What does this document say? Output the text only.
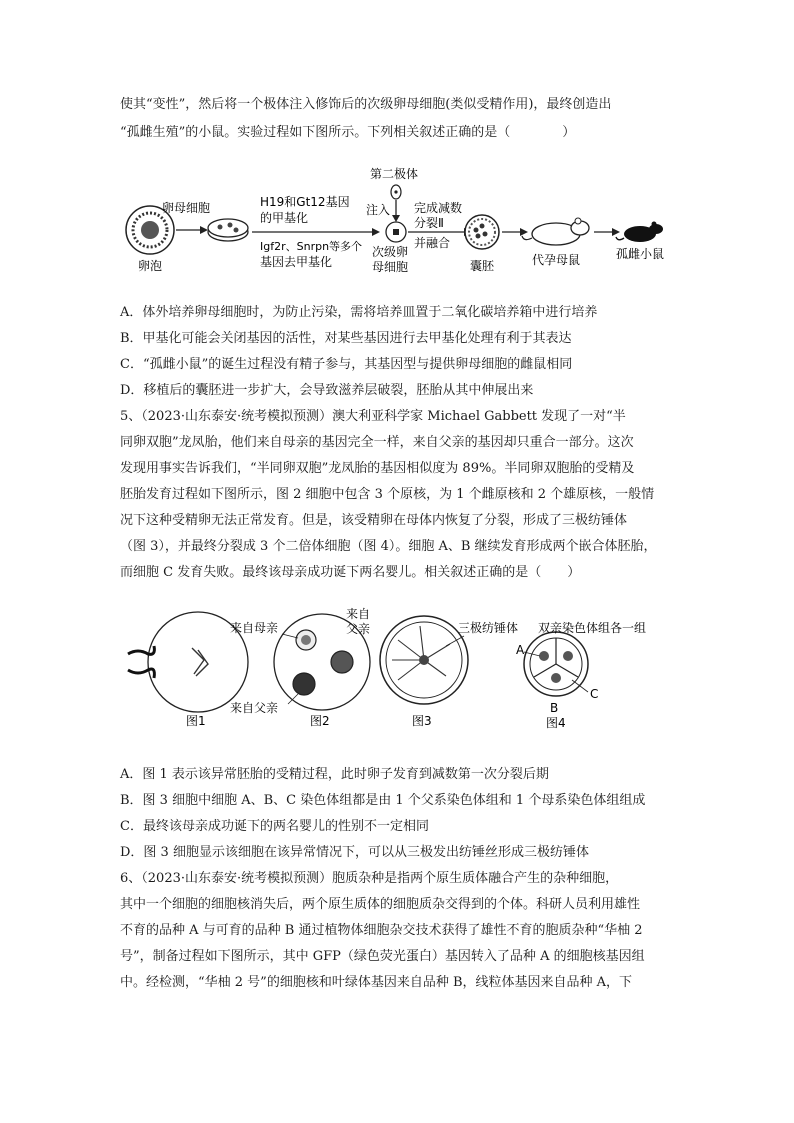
使其“变性”，然后将一个极体注入修饰后的次级卵母细胞(类似受精作用)，最终创造出
“孤雌生殖”的小鼠。实验过程如下图所示。下列相关叙述正确的是（　　　　）
卵泡
卵母细胞	H19和Gt12基因
的甲基化
Igf2r、Snrpn等多个
基因去甲基化
第二极体
注入
次级卵
母细胞
完成减数
分裂Ⅱ
并融合
囊胚	代孕母鼠	孤雌小鼠
A．体外培养卵母细胞时，为防止污染，需将培养皿置于二氧化碳培养箱中进行培养
B．甲基化可能会关闭基因的活性，对某些基因进行去甲基化处理有利于其表达
C．“孤雌小鼠”的诞生过程没有精子参与，其基因型与提供卵母细胞的雌鼠相同
D．移植后的囊胚进一步扩大，会导致滋养层破裂，胚胎从其中伸展出来
5、（2023·山东泰安·统考模拟预测）澳大利亚科学家 Michael Gabbett 发现了一对“半
同卵双胞”龙凤胎，他们来自母亲的基因完全一样，来自父亲的基因却只重合一部分。这次
发现用事实告诉我们，“半同卵双胞”龙凤胎的基因相似度为 89%。半同卵双胞胎的受精及
胚胎发育过程如下图所示，图 2 细胞中包含 3 个原核，为 1 个雌原核和 2 个雄原核，一般情
况下这种受精卵无法正常发育。但是，该受精卵在母体内恢复了分裂，形成了三极纺锤体
（图 3），并最终分裂成 3 个二倍体细胞（图 4）。细胞 A、B 继续发育形成两个嵌合体胚胎，
而细胞 C 发育失败。最终该母亲成功诞下两名婴儿。相关叙述正确的是（　　）
图1
来自母亲
来自
父亲
来自父亲
图2
三极纺锤体
图3
双亲染色体组各一组
A
B
C
图4
A．图 1 表示该异常胚胎的受精过程，此时卵子发育到减数第一次分裂后期
B．图 3 细胞中细胞 A、B、C 染色体组都是由 1 个父系染色体组和 1 个母系染色体组组成
C．最终该母亲成功诞下的两名婴儿的性别不一定相同
D．图 3 细胞显示该细胞在该异常情况下，可以从三极发出纺锤丝形成三极纺锤体
6、（2023·山东泰安·统考模拟预测）胞质杂种是指两个原生质体融合产生的杂种细胞，
其中一个细胞的细胞核消失后，两个原生质体的细胞质杂交得到的个体。科研人员利用雄性
不育的品种 A 与可育的品种 B 通过植物体细胞杂交技术获得了雄性不育的胞质杂种“华柚 2
号”，制备过程如下图所示，其中 GFP（绿色荧光蛋白）基因转入了品种 A 的细胞核基因组
中。经检测，“华柚 2 号”的细胞核和叶绿体基因来自品种 B，线粒体基因来自品种 A，下
